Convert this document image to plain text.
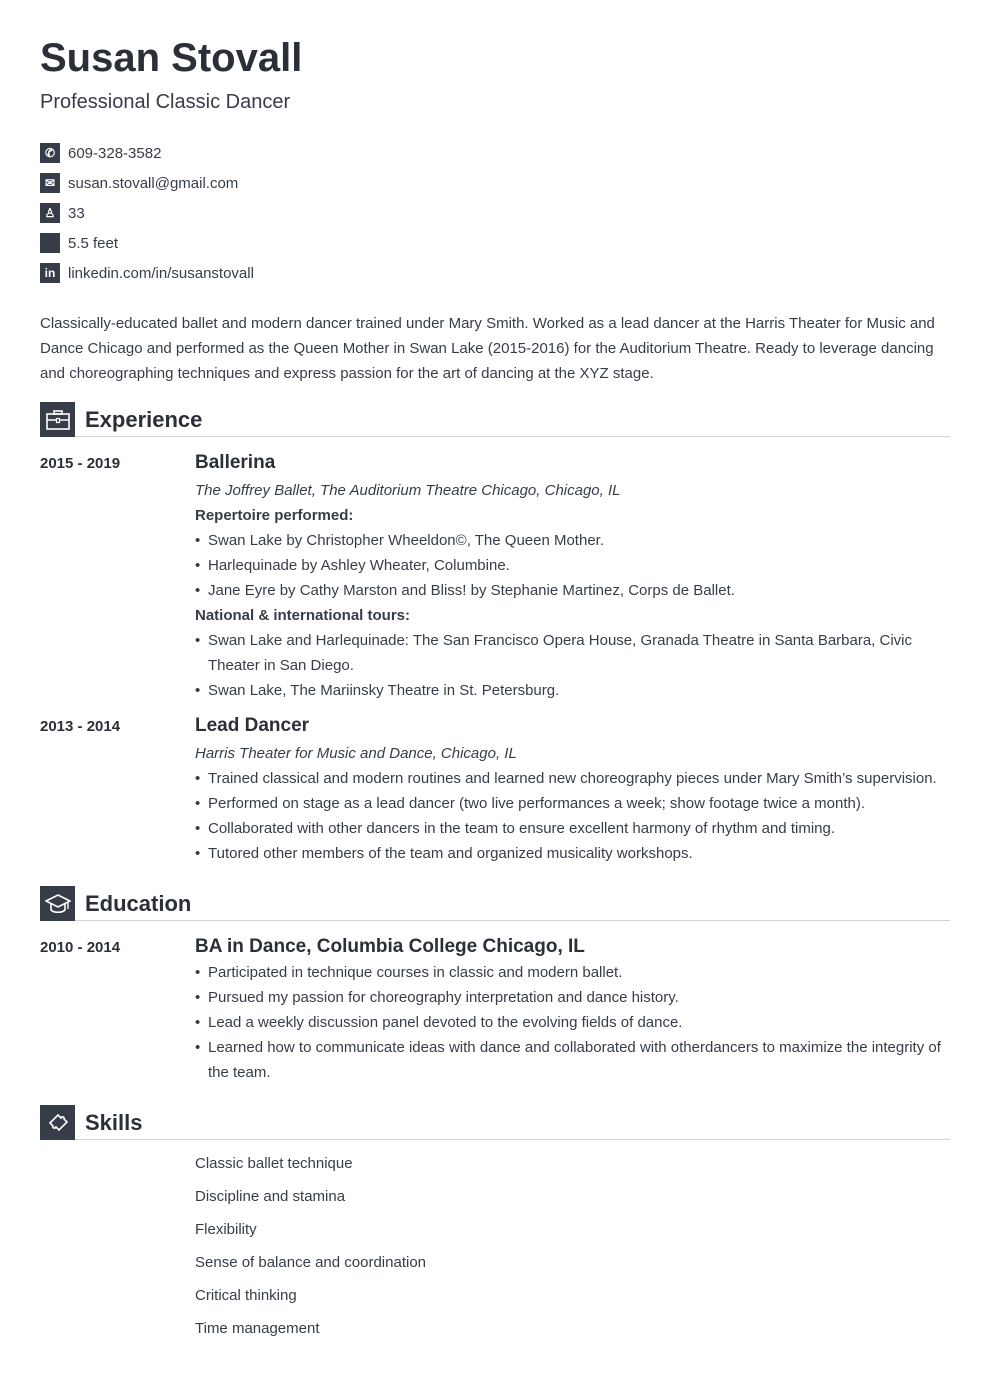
Susan Stovall
Professional Classic Dancer
✆ 609-328-3582
✉ susan.stovall@gmail.com
♙ 33
5.5 feet
in linkedin.com/in/susanstovall
Classically-educated ballet and modern dancer trained under Mary Smith. Worked as a lead dancer at the Harris Theater for Music and Dance Chicago and performed as the Queen Mother in Swan Lake (2015-2016) for the Auditorium Theatre. Ready to leverage dancing and choreographing techniques and express passion for the art of dancing at the XYZ stage.
Experience
2015 - 2019	Ballerina
The Joffrey Ballet, The Auditorium Theatre Chicago, Chicago, IL
Repertoire performed:
• Swan Lake by Christopher Wheeldon©, The Queen Mother.
• Harlequinade by Ashley Wheater, Columbine.
• Jane Eyre by Cathy Marston and Bliss! by Stephanie Martinez, Corps de Ballet.
National & international tours:
• Swan Lake and Harlequinade: The San Francisco Opera House, Granada Theatre in Santa Barbara, Civic Theater in San Diego.
• Swan Lake, The Mariinsky Theatre in St. Petersburg.
2013 - 2014	Lead Dancer
Harris Theater for Music and Dance, Chicago, IL
• Trained classical and modern routines and learned new choreography pieces under Mary Smith’s supervision.
• Performed on stage as a lead dancer (two live performances a week; show footage twice a month).
• Collaborated with other dancers in the team to ensure excellent harmony of rhythm and timing.
• Tutored other members of the team and organized musicality workshops.
Education
2010 - 2014	BA in Dance, Columbia College Chicago, IL
• Participated in technique courses in classic and modern ballet.
• Pursued my passion for choreography interpretation and dance history.
• Lead a weekly discussion panel devoted to the evolving fields of dance.
• Learned how to communicate ideas with dance and collaborated with otherdancers to maximize the integrity of the team.
Skills
Classic ballet technique
Discipline and stamina
Flexibility
Sense of balance and coordination
Critical thinking
Time management
